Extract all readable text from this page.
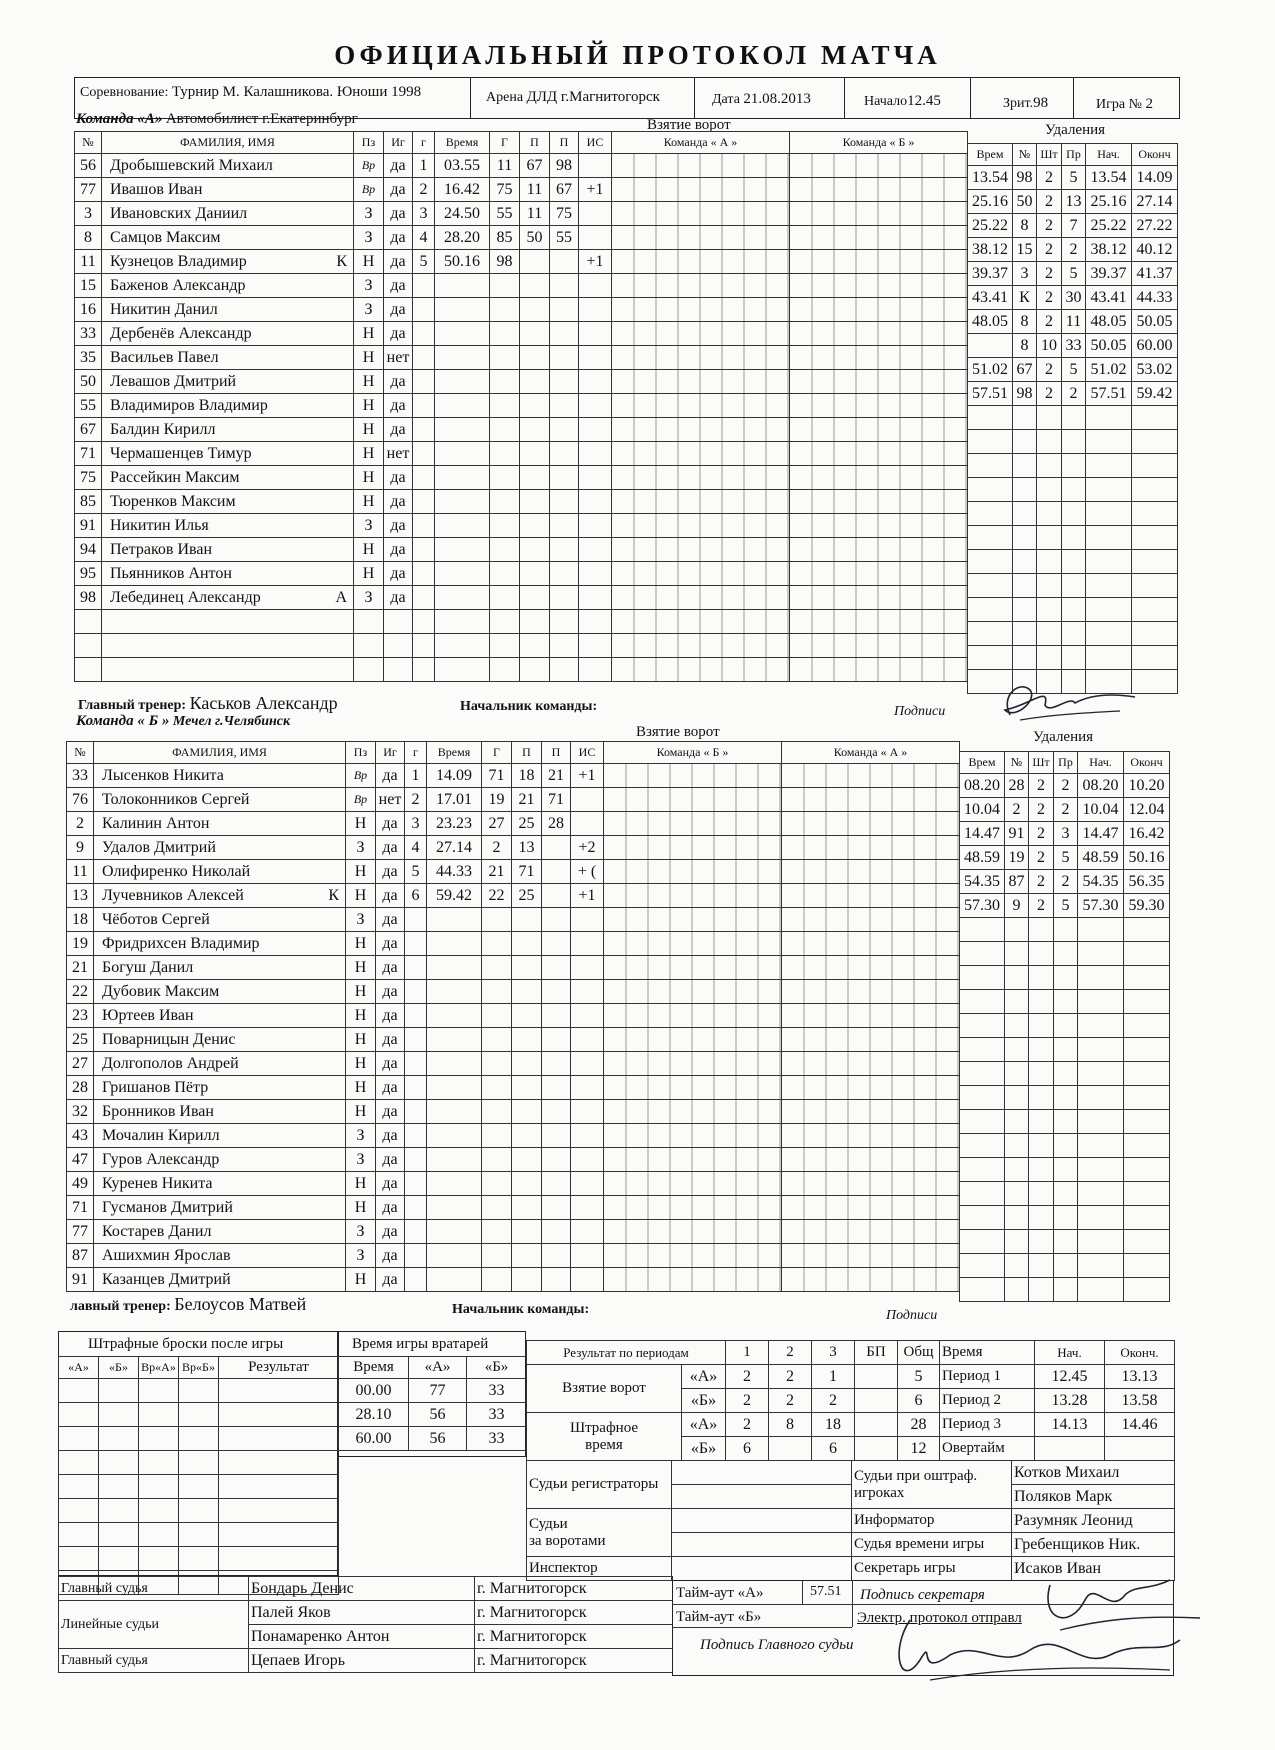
ОФИЦИАЛЬНЫЙ ПРОТОКОЛ МАТЧА
Соревнование: Турнир М. Калашникова. Юноши 1998	Арена ДЛД г.Магнитогорск	Дата 21.08.2013	Начало12.45	Зрит.98	Игра № 2
Команда «А» Автомобилист г.Екатеринбург	Взятие ворот	Удаления
№	ФАМИЛИЯ, ИМЯ	Пз	Иг
56	Дробышевский Михаил	Вр	да
77	Ивашов Иван	Вр	да
3	Ивановских Даниил	З	да
8	Самцов Максим	З	да
11	Кузнецов Владимир К	Н	да
15	Баженов Александр	З	да
16	Никитин Данил	З	да
33	Дербенёв Александр	Н	да
35	Васильев Павел	Н	нет
50	Левашов Дмитрий	Н	да
55	Владимиров Владимир	Н	да
67	Балдин Кирилл	Н	да
71	Чермашенцев Тимур	Н	нет
75	Рассейкин Максим	Н	да
85	Тюренков Максим	Н	да
91	Никитин Илья	З	да
94	Петраков Иван	Н	да
95	Пьянников Антон	Н	да
98	Лебединец Александр А	З	да

г	Время	Г	П	П	ИС	Команда « А »	Команда « Б »
1	03.55	11	67	98			
2	16.42	75	11	67	+1		
3	24.50	55	11	75			
4	28.20	85	50	55			
5	50.16	98			+1		

Врем	№	Шт	Пр	Нач.	Оконч
13.54	98	2	5	13.54	14.09
25.16	50	2	13	25.16	27.14
25.22	8	2	7	25.22	27.22
38.12	15	2	2	38.12	40.12
39.37	3	2	5	39.37	41.37
43.41	К	2	30	43.41	44.33
48.05	8	2	11	48.05	50.05
	8	10	33	50.05	60.00
51.02	67	2	5	51.02	53.02
57.51	98	2	2	57.51	59.42

Главный тренер: Каськов Александр	Начальник команды:	Подписи
Команда « Б » Мечел г.Челябинск
Взятие ворот	Удаления
№	ФАМИЛИЯ, ИМЯ	Пз	Иг
33	Лысенков Никита	Вр	да
76	Толоконников Сергей	Вр	нет
2	Калинин Антон	Н	да
9	Удалов Дмитрий	З	да
11	Олифиренко Николай	Н	да
13	Лучевников Алексей К	Н	да
18	Чёботов Сергей	З	да
19	Фридрихсен Владимир	Н	да
21	Богуш Данил	Н	да
22	Дубовик Максим	Н	да
23	Юртеев Иван	Н	да
25	Поварницын Денис	Н	да
27	Долгополов Андрей	Н	да
28	Гришанов Пётр	Н	да
32	Бронников Иван	Н	да
43	Мочалин Кирилл	З	да
47	Гуров Александр	З	да
49	Куренев Никита	Н	да
71	Гусманов Дмитрий	Н	да
77	Костарев Данил	З	да
87	Ашихмин Ярослав	З	да
91	Казанцев Дмитрий	Н	да
г	Время	Г	П	П	ИС	Команда « Б »	Команда « А »
1	14.09	71	18	21	+1		
2	17.01	19	21	71			
3	23.23	27	25	28			
4	27.14	2	13		+2		
5	44.33	21	71		+ (		
6	59.42	22	25		+1		

Врем	№	Шт	Пр	Нач.	Оконч
08.20	28	2	2	08.20	10.20
10.04	2	2	2	10.04	12.04
14.47	91	2	3	14.47	16.42
48.59	19	2	5	48.59	50.16
54.35	87	2	2	54.35	56.35
57.30	9	2	5	57.30	59.30

лавный тренер: Белоусов Матвей	Начальник команды:	Подписи
Штрафные броски после игры
«А»	«Б»	Вр«А»	Вр«Б»	Результат

Время игры вратарей
Время	«А»	«Б»
00.00	77	33
28.10	56	33
60.00	56	33
Результат по периодам		1	2	3	БП	Общ
Взятие ворот	«А»	2	2	1		5
	«Б»	2	2	2		6
Штрафное время	«А»	2	8	18		28
	«Б»	6		6		12
Время	Нач.	Оконч.
Период 1	12.45	13.13
Период 2	13.28	13.58
Период 3	14.13	14.46
Овертайм		
Судьи регистраторы		Судьи при оштраф. игроках	Котков Михаил
			Поляков Марк
Судьи
за воротами		Информатор	Разумняк Леонид
		Судья времени игры	Гребенщиков Ник.
Инспектор		Секретарь игры	Исаков Иван
Главный судья	Бондарь Денис	г. Магнитогорск
Линейные судьи	Палей Яков	г. Магнитогорск
	Понамаренко Антон	г. Магнитогорск
Главный судья	Цепаев Игорь	г. Магнитогорск
Тайм-аут «А»	57.51 Подпись секретаря
Тайм-аут «Б»	Электр. протокол отправл
Подпись Главного судьи
